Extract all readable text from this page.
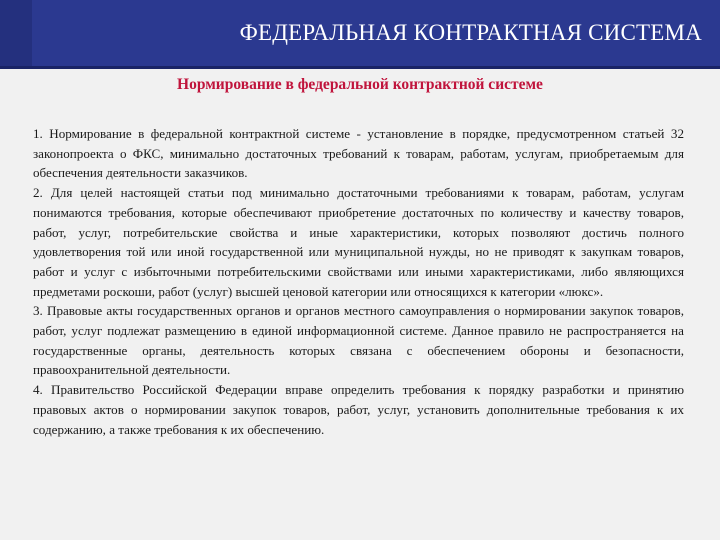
ФЕДЕРАЛЬНАЯ КОНТРАКТНАЯ СИСТЕМА
Нормирование в федеральной контрактной системе

1. Нормирование в федеральной контрактной системе - установление в порядке, предусмотренном статьей 32 законопроекта о ФКС, минимально достаточных требований к товарам, работам, услугам, приобретаемым для обеспечения деятельности заказчиков.

2. Для целей настоящей статьи под минимально достаточными требованиями к товарам, работам, услугам понимаются требования, которые обеспечивают приобретение достаточных по количеству и качеству товаров, работ, услуг, потребительские свойства и иные характеристики, которых позволяют достичь полного удовлетворения той или иной государственной или муниципальной нужды, но не приводят к закупкам товаров, работ и услуг с избыточными потребительскими свойствами или иными характеристиками, либо являющихся предметами роскоши, работ (услуг) высшей ценовой категории или относящихся к категории «люкс».

3. Правовые акты государственных органов и органов местного самоуправления о нормировании закупок товаров, работ, услуг подлежат размещению в единой информационной системе. Данное правило не распространяется на государственные органы, деятельность которых связана с обеспечением обороны и безопасности, правоохранительной деятельности.

4. Правительство Российской Федерации вправе определить требования к порядку разработки и принятию правовых актов о нормировании закупок товаров, работ, услуг, установить дополнительные требования к их содержанию, а также требования к их обеспечению.
